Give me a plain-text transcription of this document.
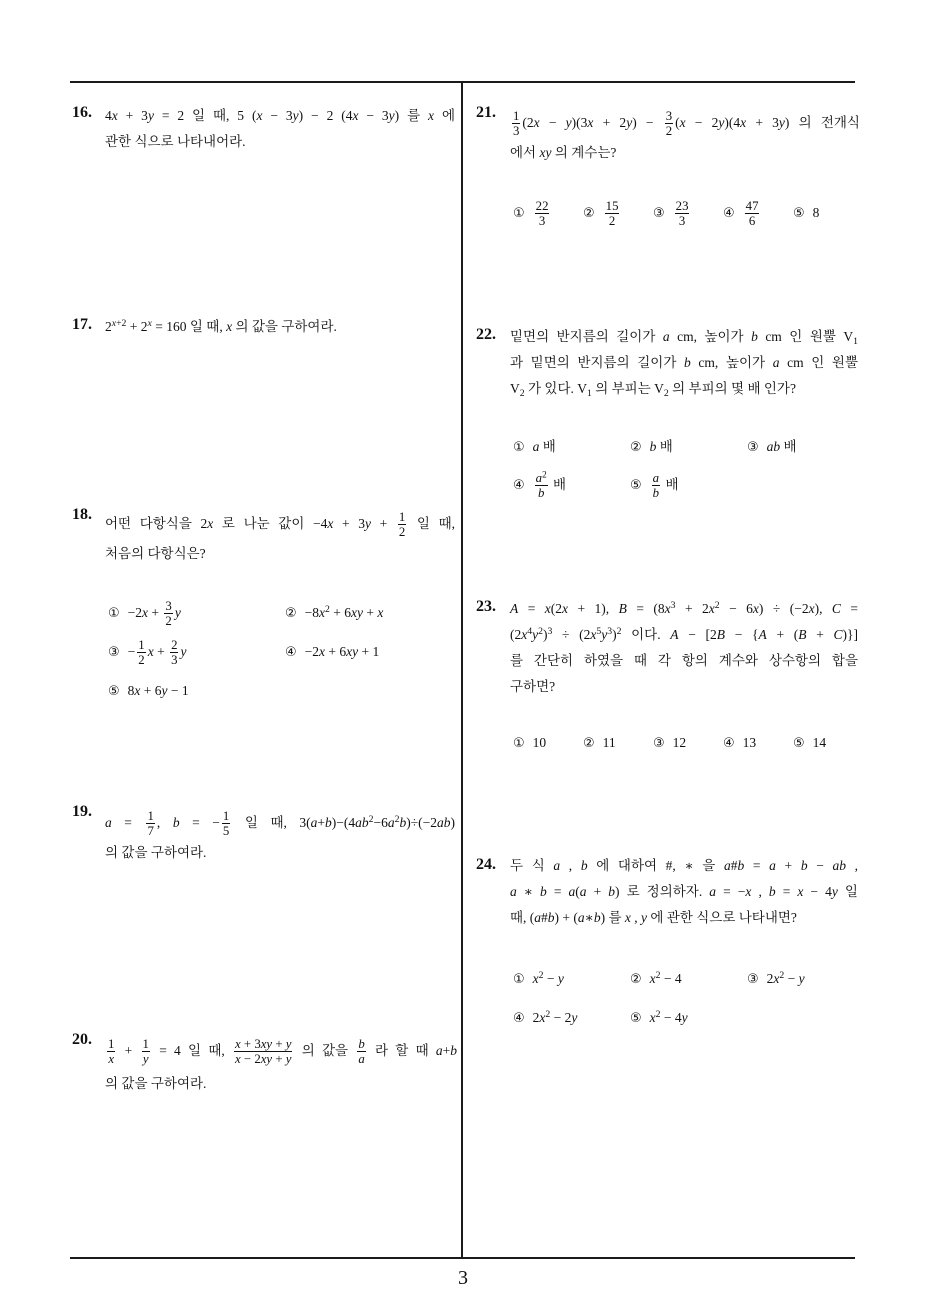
16. 4x + 3y = 2 일 때, 5 (x − 3y) − 2 (4x − 3y) 를 x 에
관한 식으로 나타내어라.
17. $2^{x+2} + 2^x = 160$ 일 때, x 의 값을 구하여라.
18.
어떤 다항식을 2x 로 나눈 값이 $-4x + 3y + \frac{1}{2}$ 일 때,
처음의 다항식은?
① $-2x + \frac{3}{2}$ y	② $-8x^2 + 6xy + x$
③ − $\frac{1}{2}$ $x + \frac{2}{3}$ y	④ −2x + 6xy + 1
⑤ 8x + 6y − 1
19.
$a = \frac{1}{7}$ , b = − $\frac{1}{5}$ 일 때, $3(a+b)-(4ab^2-6a^2b)\div(-2ab)$
의 값을 구하여라.
20. $\frac{1}{x} + \frac{1}{y} = 4$ 일 때, $\frac{x + 3xy + y}{x - 2xy + y}$ 의 값을 $\frac{b}{a}$ 라 할 때 a+b
의 값을 구하여라.
21. $\frac{1}{3} (2x - y)(3x + 2y) - \frac{3}{2} (x - 2y)(4x + 3y)$ 의 전개식
에서 xy 의 계수는?
① $\frac{22}{3}$	② $\frac{15}{2}$	③ $\frac{23}{3}$	④ $\frac{47}{6}$	⑤ 8
22. 밑면의 반지름의 길이가 a cm, 높이가 b cm 인 원뿔 $V_1$
과 밑면의 반지름의 길이가 b cm, 높이가 a cm 인 원뿔
$V_2$ 가 있다. $V_1$ 의 부피는 $V_2$ 의 부피의 몇 배 인가?
① a 배	② b 배	③ ab 배
④ $\frac{a^2}{b}$ 배	⑤ $\frac{a}{b}$ 배
23. A = x(2x + 1), $B = (8x^3 + 2x^2 - 6x) \div (-2x)$, C =
$(2x^4y^2)^3 \div (2x^5y^3)^2$ 이다. A − [2B − {A + (B + C)}]
를 간단히 하였을 때 각 항의 계수와 상수항의 합을
구하면?
① 10	② 11	③ 12	④ 13	⑤ 14
24. 두 식 a , b 에 대하여 #, ∗ 을 a#b = a + b − ab ,
a ∗ b = a(a + b) 로 정의하자. a = −x , b = x − 4y 일
때, (a#b) + (a∗b) 를 x , y 에 관한 식으로 나타내면?
① $x^2 - y$	② $x^2 - 4$	③ $2x^2 - y$
④ $2x^2 - 2y$	⑤ $x^2 - 4y$
3
